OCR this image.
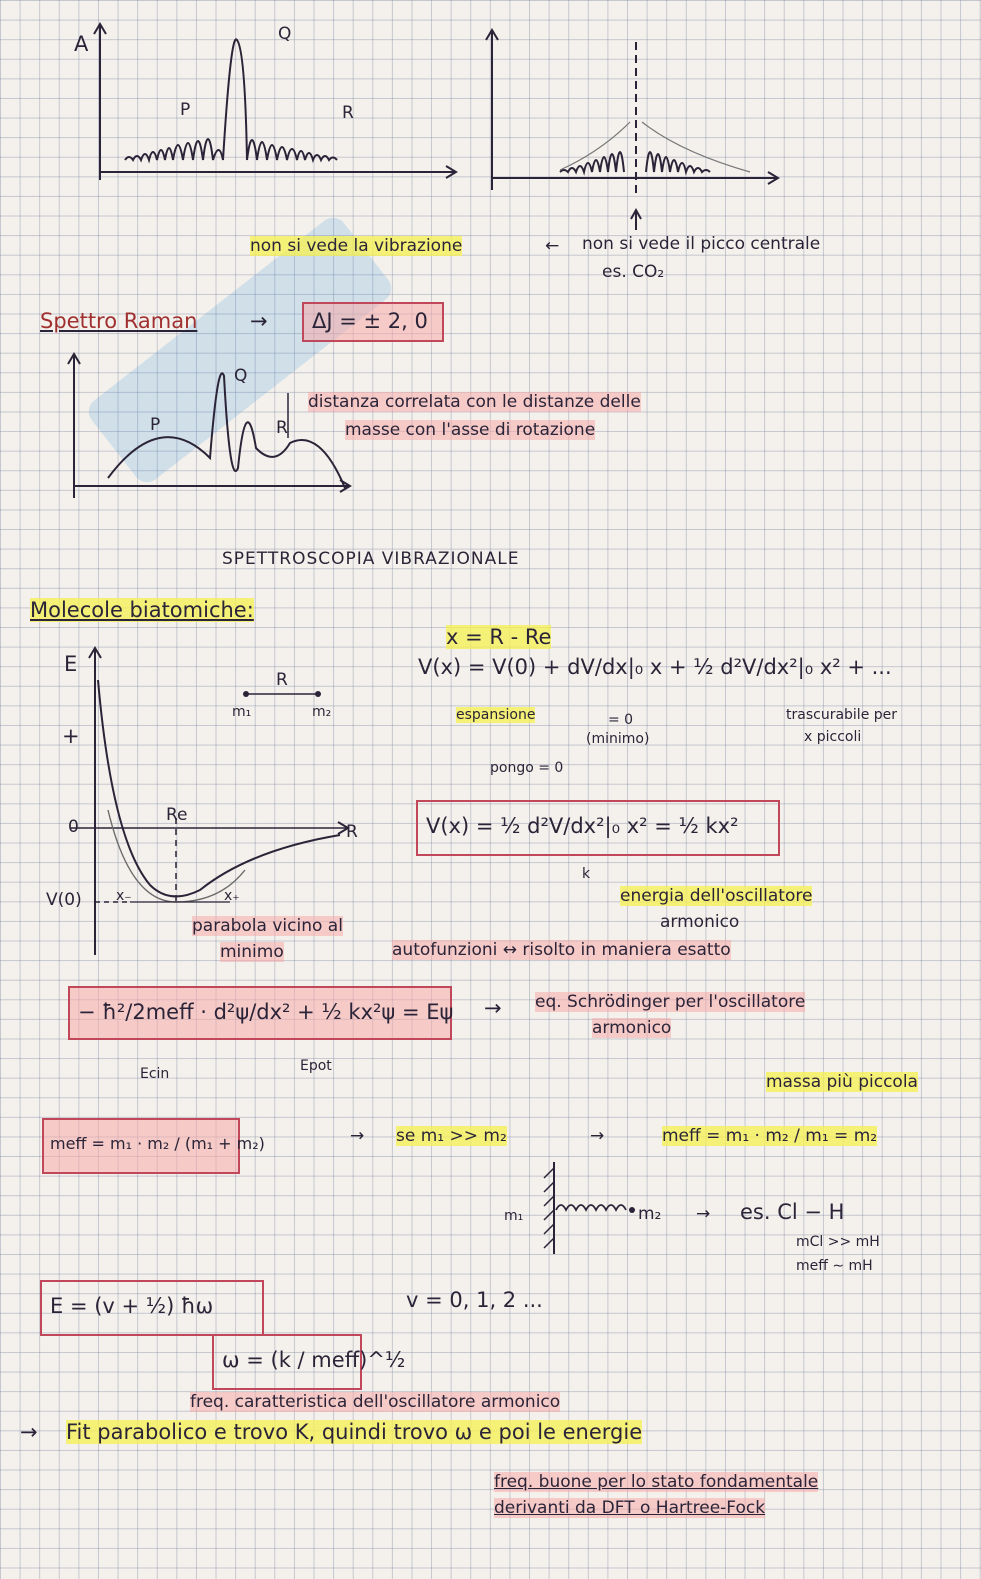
A
P
Q
R
non si vede la vibrazione	← non si vede il picco centrale
es. CO₂
Spettro Raman	→ ΔJ = ± 2, 0
P
Q
R
distanza correlata con le distanze delle
masse con l'asse di rotazione
SPETTROSCOPIA VIBRAZIONALE
Molecole biatomiche:
E
+
0
V(0)
Re
R
x₋	x₊
R
m₁	m₂
parabola vicino al
minimo
x = R - Re
V(x) = V(0) + dV/dx|₀ x + ½ d²V/dx²|₀ x² + ...
espansione	= 0
(minimo)
pongo = 0
trascurabile per
x piccoli
V(x) = ½ d²V/dx²|₀ x² = ½ kx²
k
energia dell'oscillatore
armonico
autofunzioni ↔ risolto in maniera esatto
− ħ²/2meff · d²ψ/dx² + ½ kx²ψ = Eψ
Ecin	Epot
→ eq. Schrödinger per l'oscillatore
armonico
meff = m₁ · m₂ / (m₁ + m₂)	→ se m₁ >> m₂	→	meff = m₁ · m₂ / m₁ = m₂
massa più piccola
m₁	m₂ → es. Cl − H
mCl >> mH
meff ∼ mH
E = (v + ½) ħω	v = 0, 1, 2 ...
ω = (k / meff)^½
freq. caratteristica dell'oscillatore armonico
→ Fit parabolico e trovo K, quindi trovo ω e poi le energie
freq. buone per lo stato fondamentale
derivanti da DFT o Hartree-Fock
